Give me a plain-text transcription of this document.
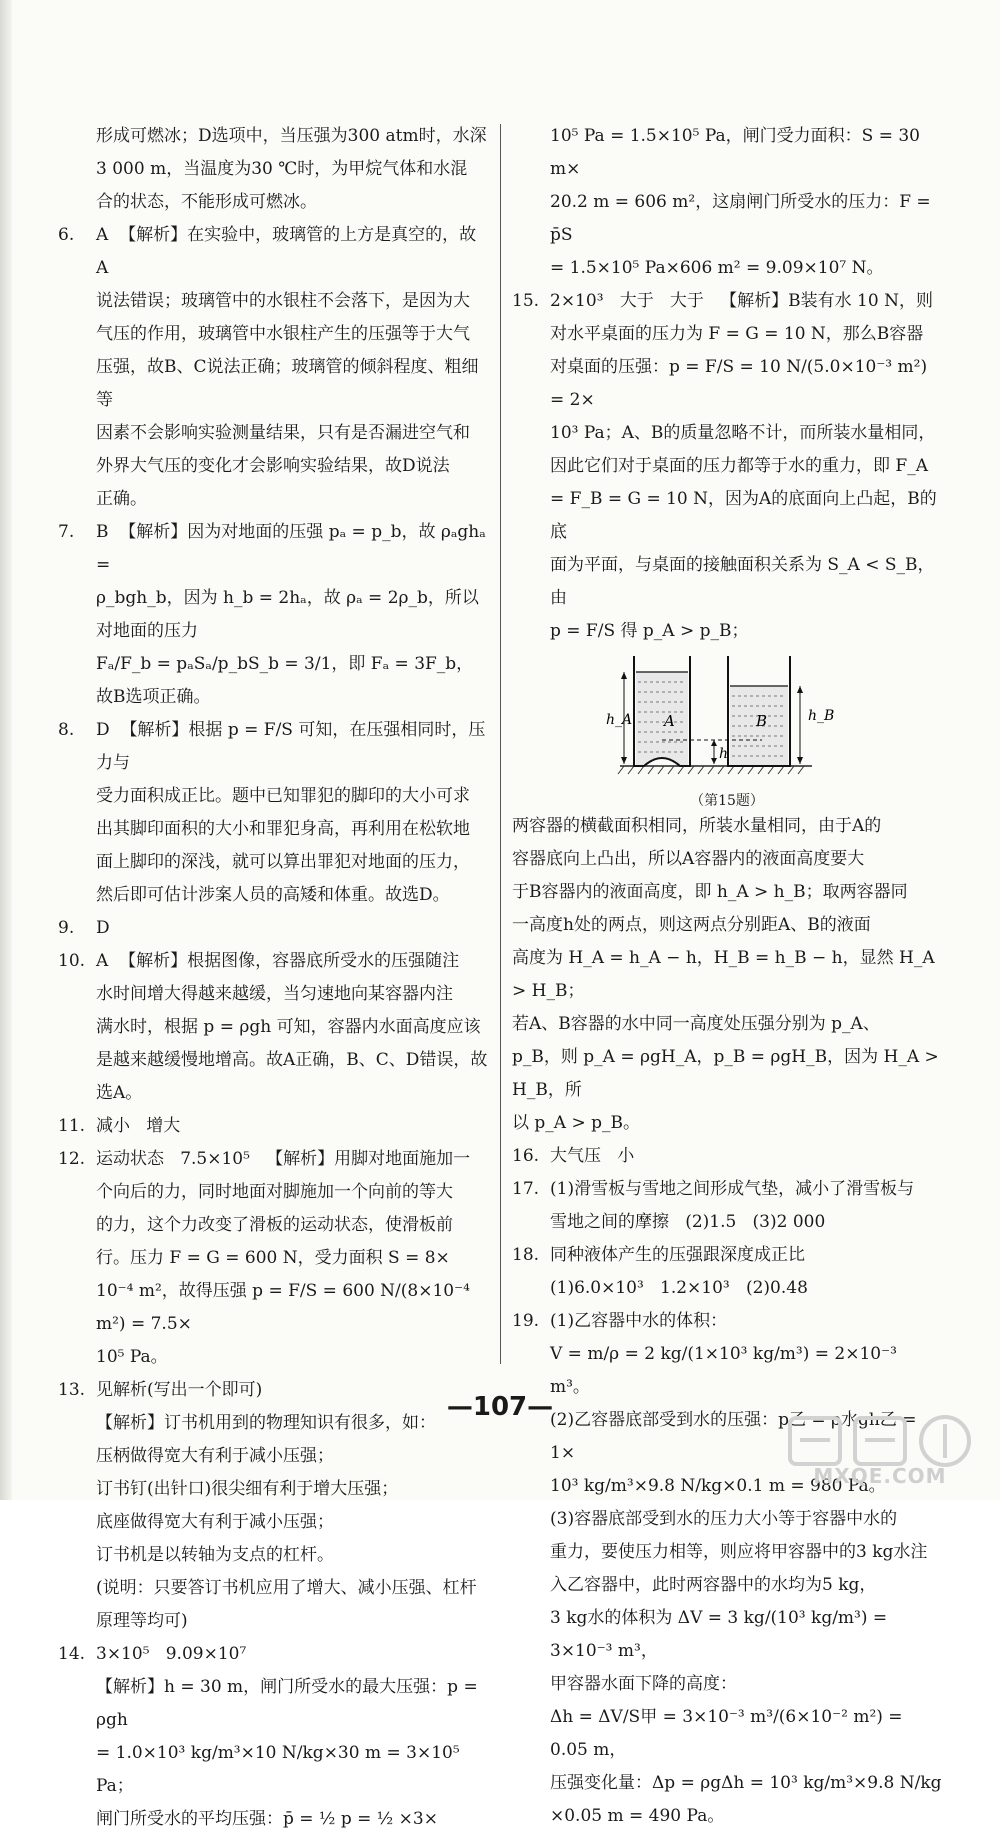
形成可燃冰；D选项中，当压强为300 atm时，水深
3 000 m，当温度为30 ℃时，为甲烷气体和水混
合的状态，不能形成可燃冰。
6. A  【解析】在实验中，玻璃管的上方是真空的，故A
说法错误；玻璃管中的水银柱不会落下，是因为大
气压的作用，玻璃管中水银柱产生的压强等于大气
压强，故B、C说法正确；玻璃管的倾斜程度、粗细等
因素不会影响实验测量结果，只有是否漏进空气和
外界大气压的变化才会影响实验结果，故D说法
正确。
7. B  【解析】因为对地面的压强 pₐ = p_b，故 ρₐghₐ =
ρ_bgh_b，因为 h_b = 2hₐ，故 ρₐ = 2ρ_b，所以对地面的压力
Fₐ/F_b = pₐSₐ/p_bS_b = 3/1，即 Fₐ = 3F_b，故B选项正确。
8. D  【解析】根据 p = F/S 可知，在压强相同时，压力与
受力面积成正比。题中已知罪犯的脚印的大小可求
出其脚印面积的大小和罪犯身高，再利用在松软地
面上脚印的深浅，就可以算出罪犯对地面的压力，
然后即可估计涉案人员的高矮和体重。故选D。
9. D
10. A  【解析】根据图像，容器底所受水的压强随注
水时间增大得越来越缓，当匀速地向某容器内注
满水时，根据 p = ρgh 可知，容器内水面高度应该
是越来越缓慢地增高。故A正确，B、C、D错误，故
选A。
11. 减小   增大
12. 运动状态   7.5×10⁵   【解析】用脚对地面施加一
个向后的力，同时地面对脚施加一个向前的等大
的力，这个力改变了滑板的运动状态，使滑板前
行。压力 F = G = 600 N，受力面积 S = 8×
10⁻⁴ m²，故得压强 p = F/S = 600 N/(8×10⁻⁴ m²) = 7.5×
10⁵ Pa。
13. 见解析(写出一个即可)
【解析】订书机用到的物理知识有很多，如：
压柄做得宽大有利于减小压强；
订书钉(出针口)很尖细有利于增大压强；
底座做得宽大有利于减小压强；
订书机是以转轴为支点的杠杆。
(说明：只要答订书机应用了增大、减小压强、杠杆
原理等均可)
14. 3×10⁵   9.09×10⁷
【解析】h = 30 m，闸门所受水的最大压强：p = ρgh
= 1.0×10³ kg/m³×10 N/kg×30 m = 3×10⁵ Pa；
闸门所受水的平均压强：p̄ = ½ p = ½ ×3×
10⁵ Pa = 1.5×10⁵ Pa，闸门受力面积：S = 30 m×
20.2 m = 606 m²，这扇闸门所受水的压力：F = p̄S
= 1.5×10⁵ Pa×606 m² = 9.09×10⁷ N。
15. 2×10³   大于   大于   【解析】B装有水 10 N，则
对水平桌面的压力为 F = G = 10 N，那么B容器
对桌面的压强：p = F/S = 10 N/(5.0×10⁻³ m²) = 2×
10³ Pa；A、B的质量忽略不计，而所装水量相同，
因此它们对于桌面的压力都等于水的重力，即 F_A
= F_B = G = 10 N，因为A的底面向上凸起，B的底
面为平面，与桌面的接触面积关系为 S_A < S_B，由
p = F/S 得 p_A > p_B；
h_A	h_B
h
A	B
（第15题）
两容器的横截面积相同，所装水量相同，由于A的
容器底向上凸出，所以A容器内的液面高度要大
于B容器内的液面高度，即 h_A > h_B；取两容器同
一高度h处的两点，则这两点分别距A、B的液面
高度为 H_A = h_A − h，H_B = h_B − h，显然 H_A > H_B；
若A、B容器的水中同一高度处压强分别为 p_A、
p_B，则 p_A = ρgH_A，p_B = ρgH_B，因为 H_A > H_B，所
以 p_A > p_B。
16. 大气压   小
17. (1)滑雪板与雪地之间形成气垫，减小了滑雪板与
雪地之间的摩擦   (2)1.5   (3)2 000
18. 同种液体产生的压强跟深度成正比
(1)6.0×10³   1.2×10³   (2)0.48
19. (1)乙容器中水的体积：
V = m/ρ = 2 kg/(1×10³ kg/m³) = 2×10⁻³ m³。
(2)乙容器底部受到水的压强：p乙 = ρ水gh乙 = 1×
10³ kg/m³×9.8 N/kg×0.1 m = 980 Pa。
(3)容器底部受到水的压力大小等于容器中水的
重力，要使压力相等，则应将甲容器中的3 kg水注
入乙容器中，此时两容器中的水均为5 kg，
3 kg水的体积为 ΔV = 3 kg/(10³ kg/m³) = 3×10⁻³ m³，
甲容器水面下降的高度：
Δh = ΔV/S甲 = 3×10⁻³ m³/(6×10⁻² m²) = 0.05 m，
压强变化量：Δp = ρgΔh = 10³ kg/m³×9.8 N/kg
×0.05 m = 490 Pa。
—107—
MXQE.COM
